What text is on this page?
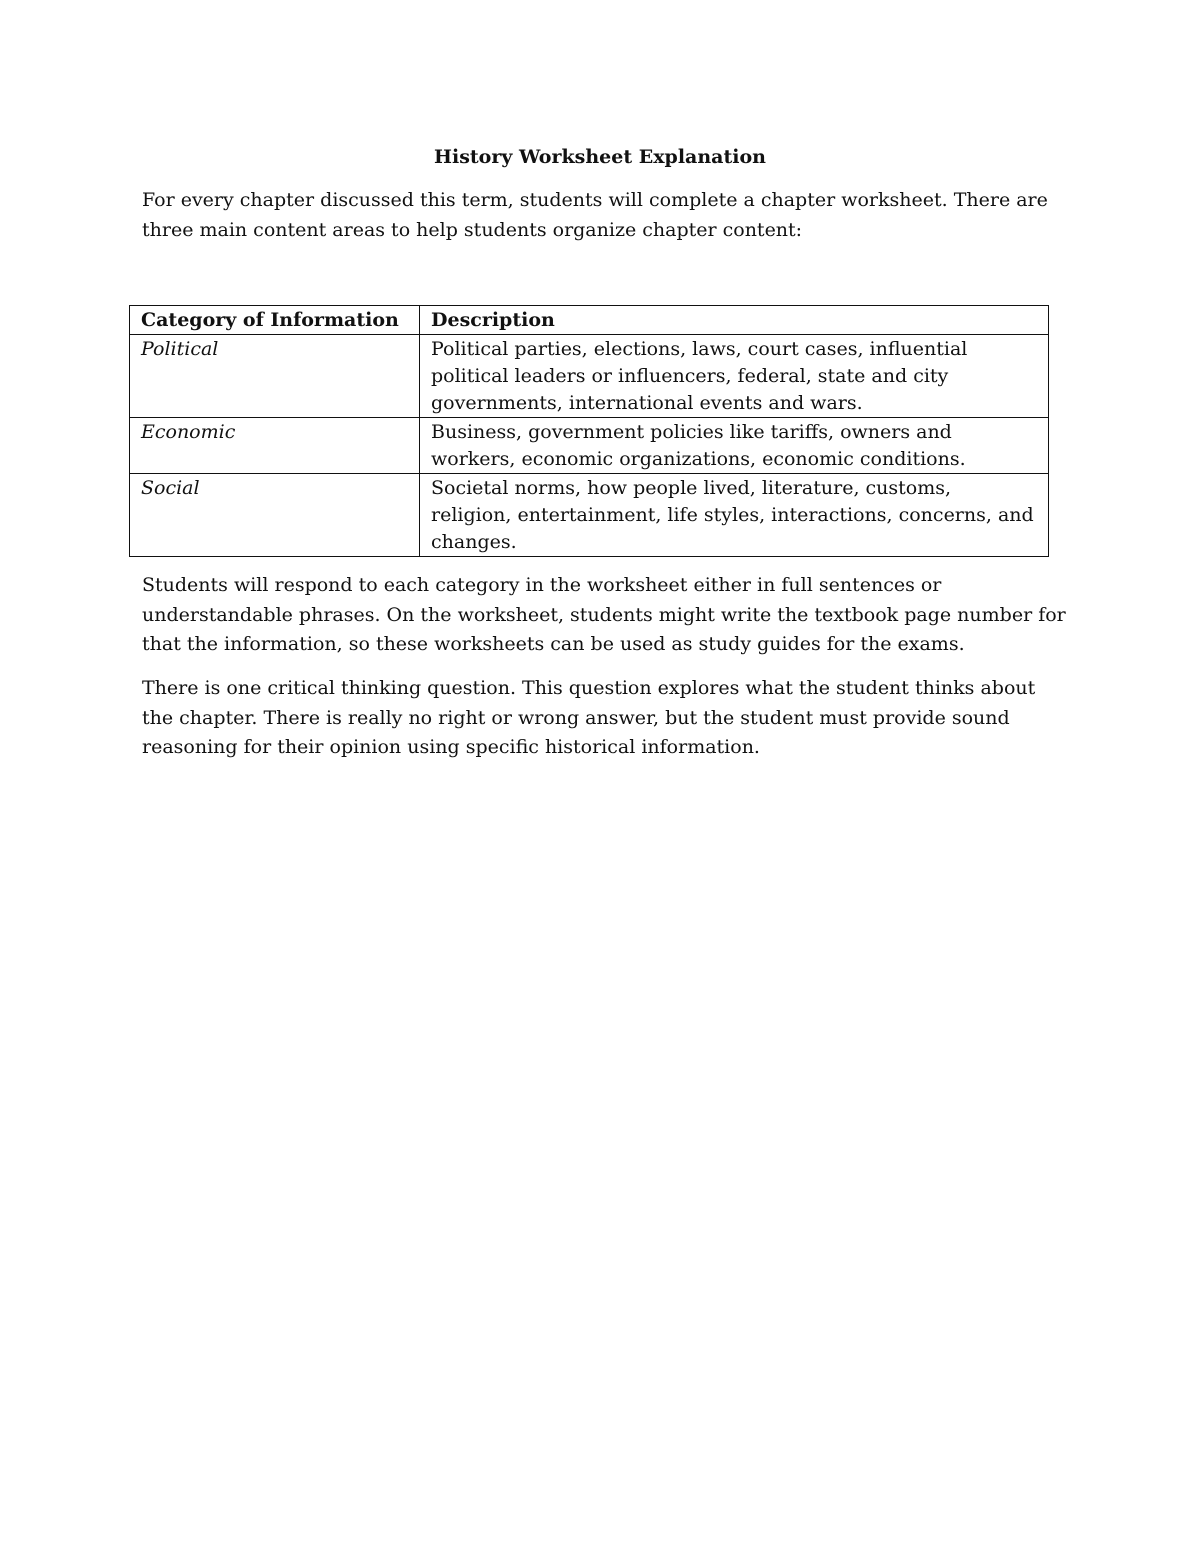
History Worksheet Explanation

For every chapter discussed this term, students will complete a chapter worksheet. There are three main content areas to help students organize chapter content:

Category of Information	Description
Political	Political parties, elections, laws, court cases, influential political leaders or influencers, federal, state and city governments, international events and wars.
Economic	Business, government policies like tariffs, owners and workers, economic organizations, economic conditions.
Social	Societal norms, how people lived, literature, customs, religion, entertainment, life styles, interactions, concerns, and changes.

Students will respond to each category in the worksheet either in full sentences or understandable phrases. On the worksheet, students might write the textbook page number for that the information, so these worksheets can be used as study guides for the exams.

There is one critical thinking question. This question explores what the student thinks about the chapter. There is really no right or wrong answer, but the student must provide sound reasoning for their opinion using specific historical information.
